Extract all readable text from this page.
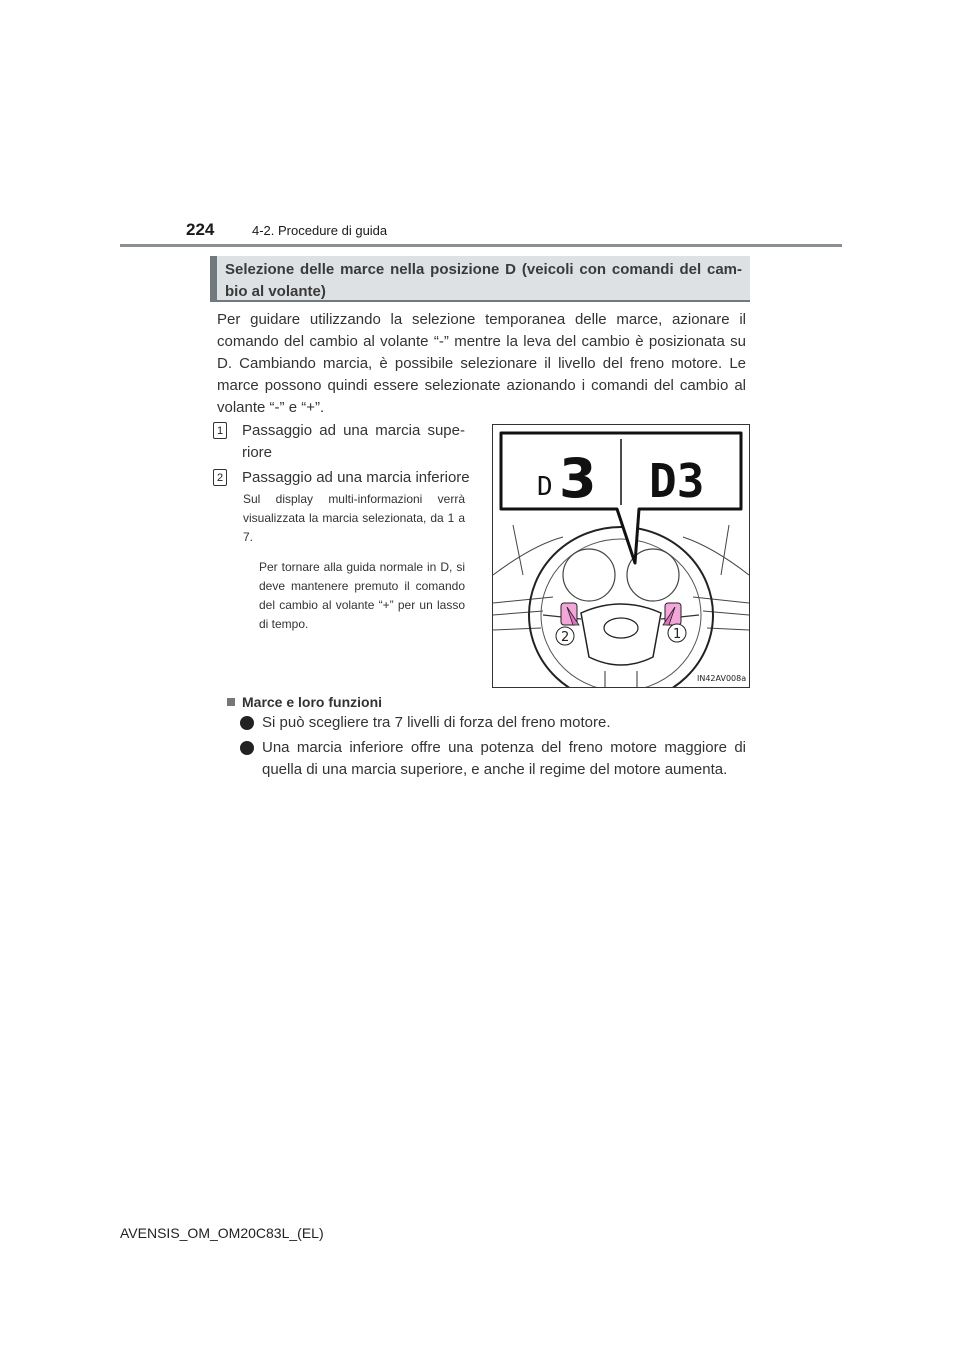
224	4-2. Procedure di guida
Selezione delle marce nella posizione D (veicoli con comandi del cam-bio al volante)
Per guidare utilizzando la selezione temporanea delle marce, azionare il comando del cambio al volante “-” mentre la leva del cambio è posizionata su D. Cambiando marcia, è possibile selezionare il livello del freno motore. Le marce possono quindi essere selezionate azionando i comandi del cambio al volante “-” e “+”.
1 Passaggio ad una marcia supe-riore
2 Passaggio ad una marcia inferiore
Sul display multi-informazioni verrà visualizzata la marcia selezionata, da 1 a 7.
Per tornare alla guida normale in D, si deve mantenere premuto il comando del cambio al volante “+” per un lasso di tempo.
D 3 D3
2	1
IN42AV008a
Marce e loro funzioni
Si può scegliere tra 7 livelli di forza del freno motore.
Una marcia inferiore offre una potenza del freno motore maggiore di quella di una marcia superiore, e anche il regime del motore aumenta.
AVENSIS_OM_OM20C83L_(EL)
